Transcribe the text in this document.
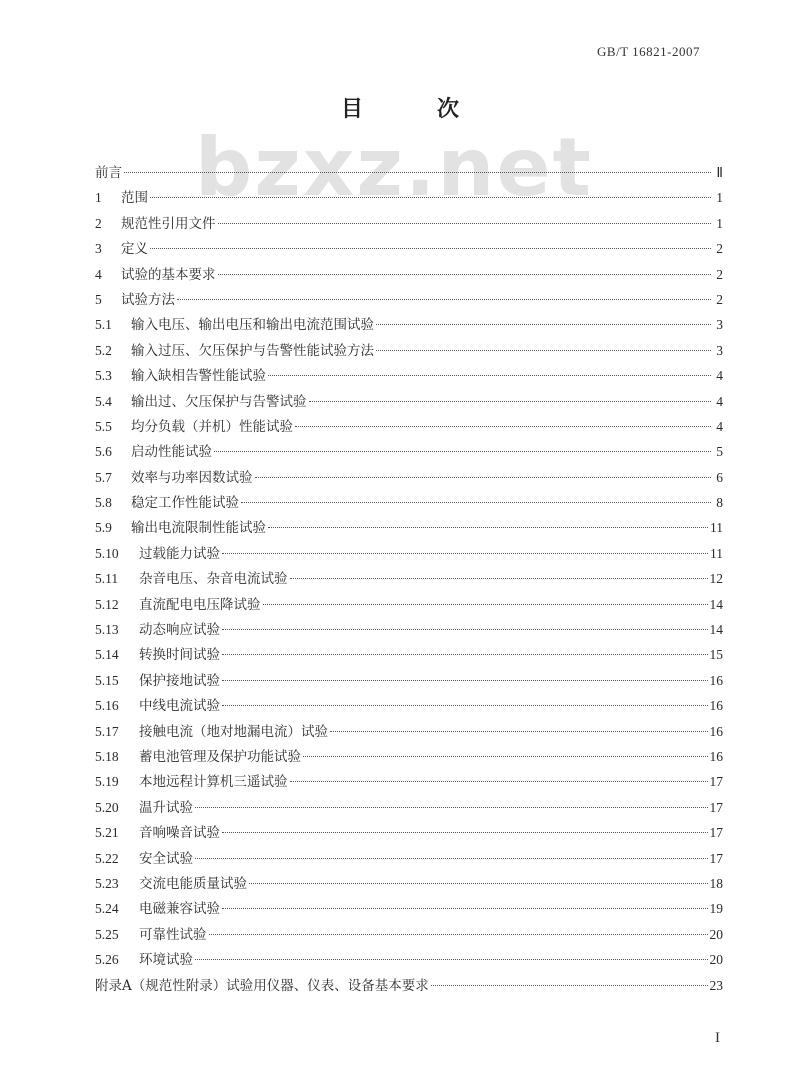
GB/T 16821-2007
bzxz.net
目　次
前言	Ⅱ
1	范围	1
2	规范性引用文件	1
3	定义	2
4	试验的基本要求	2
5	试验方法	2
5.1	输入电压、输出电压和输出电流范围试验	3
5.2	输入过压、欠压保护与告警性能试验方法	3
5.3	输入缺相告警性能试验	4
5.4	输出过、欠压保护与告警试验	4
5.5	均分负载（并机）性能试验	4
5.6	启动性能试验	5
5.7	效率与功率因数试验	6
5.8	稳定工作性能试验	8
5.9	输出电流限制性能试验	11
5.10	过载能力试验	11
5.11	杂音电压、杂音电流试验	12
5.12	直流配电电压降试验	14
5.13	动态响应试验	14
5.14	转换时间试验	15
5.15	保护接地试验	16
5.16	中线电流试验	16
5.17	接触电流（地对地漏电流）试验	16
5.18	蓄电池管理及保护功能试验	16
5.19	本地远程计算机三遥试验	17
5.20	温升试验	17
5.21	音响噪音试验	17
5.22	安全试验	17
5.23	交流电能质量试验	18
5.24	电磁兼容试验	19
5.25	可靠性试验	20
5.26	环境试验	20
附录A（规范性附录）试验用仪器、仪表、设备基本要求	23
I
